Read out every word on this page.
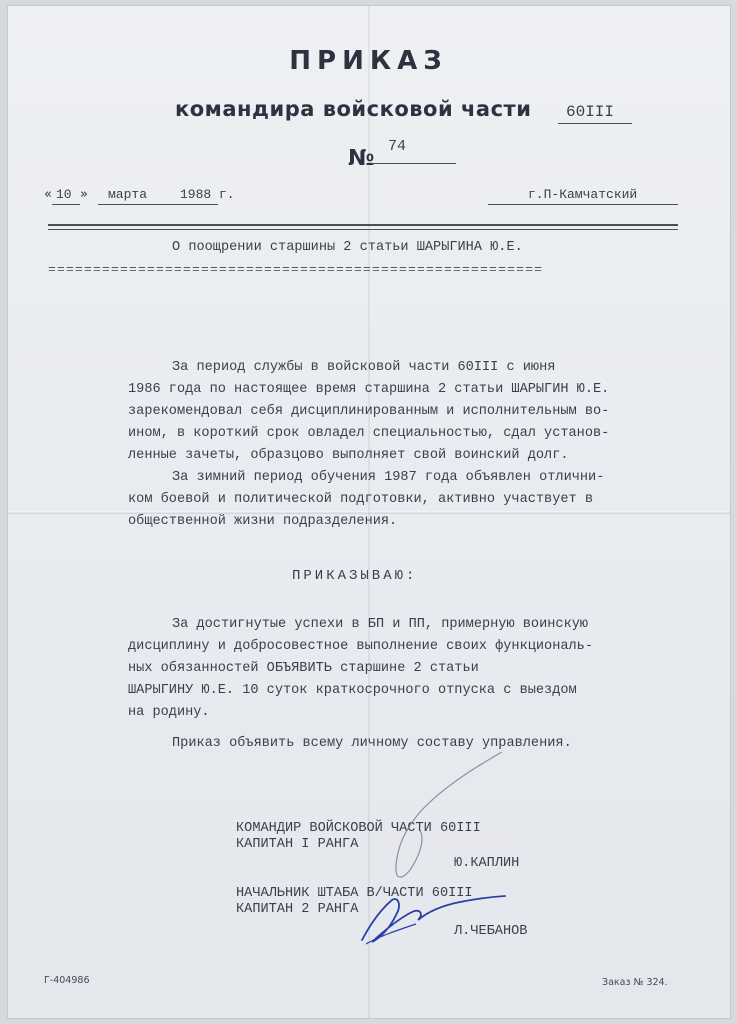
ПРИКАЗ
командира войсковой части 60III
№ 74
« 10 » марта	1988 г.	г.П-Камчатский
О поощрении старшины 2 статьи ШАРЫГИНА Ю.Е.
=======================================================
За период службы в войсковой части 60III с июня
1986 года по настоящее время старшина 2 статьи ШАРЫГИН Ю.Е.
зарекомендовал себя дисциплинированным и исполнительным во-
ином, в короткий срок овладел специальностью, сдал установ-
ленные зачеты, образцово выполняет свой воинский долг.
За зимний период обучения 1987 года объявлен отлични-
ком боевой и политической подготовки, активно участвует в
общественной жизни подразделения.
ПРИКАЗЫВАЮ:
За достигнутые успехи в БП и ПП, примерную воинскую
дисциплину и добросовестное выполнение своих функциональ-
ных обязанностей ОБЪЯВИТЬ старшине 2 статьи
ШАРЫГИНУ Ю.Е. 10 суток краткосрочного отпуска с выездом
на родину.
Приказ объявить всему личному составу управления.
КОМАНДИР ВОЙСКОВОЙ ЧАСТИ 60III
КАПИТАН I РАНГА
Ю.КАПЛИН
НАЧАЛЬНИК ШТАБА В/ЧАСТИ 60III
КАПИТАН 2 РАНГА
Л.ЧЕБАНОВ
Г-404986	Заказ № 324.
